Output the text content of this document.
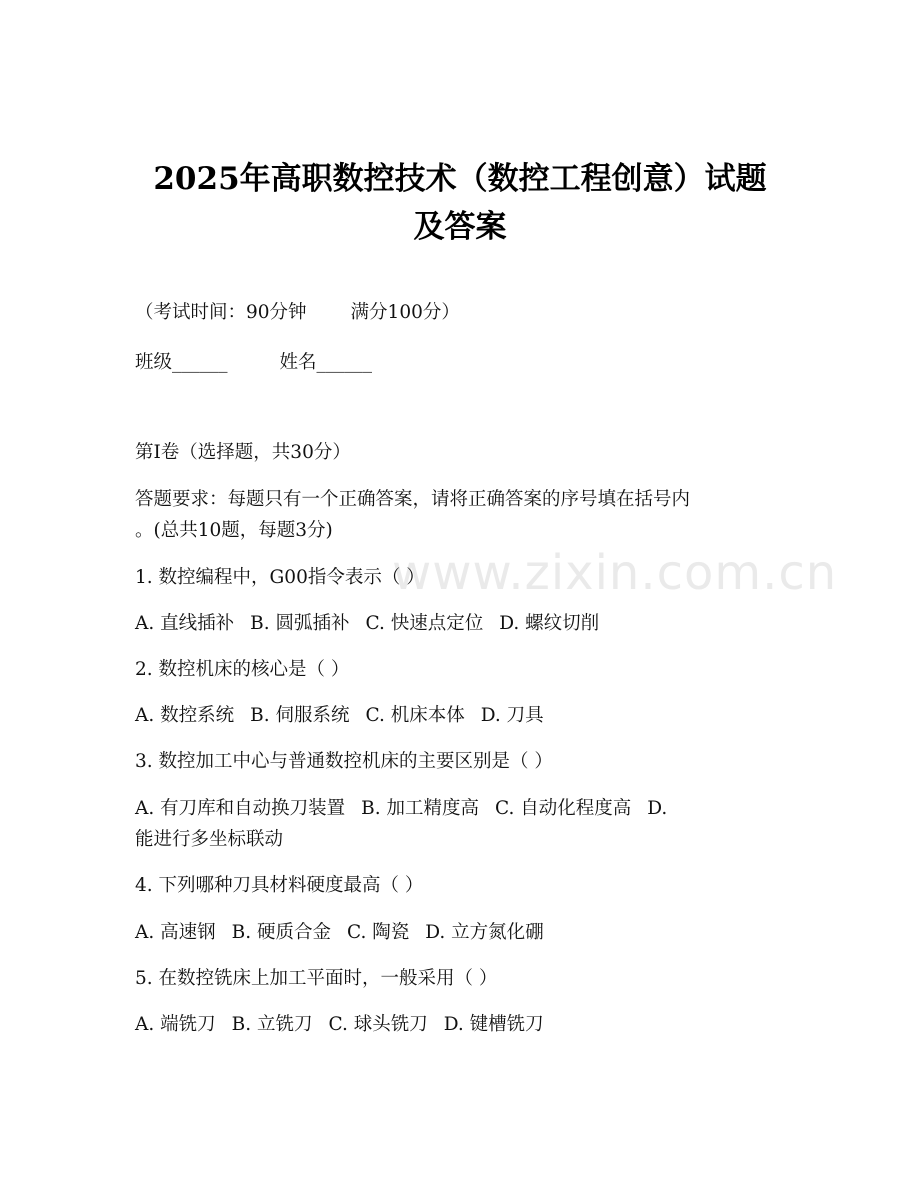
2025年高职数控技术（数控工程创意）试题
及答案
（考试时间：90分钟 满分100分）
班级______	姓名______
第Ⅰ卷（选择题，共30分）
答题要求：每题只有一个正确答案，请将正确答案的序号填在括号内
。(总共10题，每题3分)
www.zixin.com.cn
1. 数控编程中，G00指令表示（ ）
A. 直线插补 B. 圆弧插补 C. 快速点定位 D. 螺纹切削
2. 数控机床的核心是（ ）
A. 数控系统 B. 伺服系统 C. 机床本体 D. 刀具
3. 数控加工中心与普通数控机床的主要区别是（ ）
A. 有刀库和自动换刀装置 B. 加工精度高 C. 自动化程度高 D.
能进行多坐标联动
4. 下列哪种刀具材料硬度最高（ ）
A. 高速钢 B. 硬质合金 C. 陶瓷 D. 立方氮化硼
5. 在数控铣床上加工平面时，一般采用（ ）
A. 端铣刀 B. 立铣刀 C. 球头铣刀 D. 键槽铣刀
